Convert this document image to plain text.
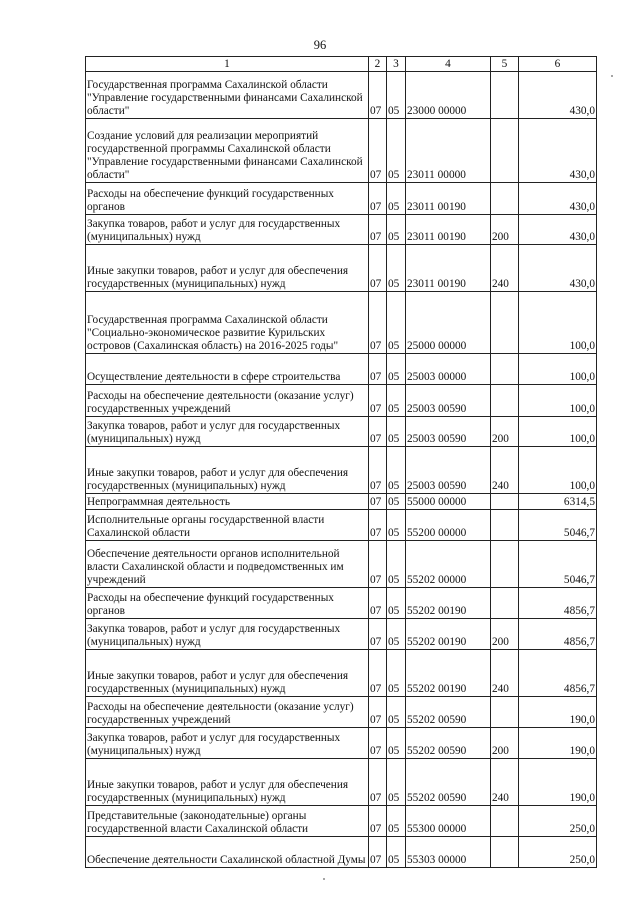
96
1	2	3	4	5	6
Государственная программа Сахалинской области "Управление государственными финансами Сахалинской области"	07	05	23000 00000		430,0
Создание условий для реализации мероприятий государственной программы Сахалинской области "Управление государственными финансами Сахалинской области"	07	05	23011 00000		430,0
Расходы на обеспечение функций государственных органов	07	05	23011 00190		430,0
Закупка товаров, работ и услуг для государственных (муниципальных) нужд	07	05	23011 00190	200	430,0
Иные закупки товаров, работ и услуг для обеспечения государственных (муниципальных) нужд	07	05	23011 00190	240	430,0
Государственная программа Сахалинской области "Социально-экономическое развитие Курильских островов (Сахалинская область) на 2016-2025 годы"	07	05	25000 00000		100,0
Осуществление деятельности в сфере строительства	07	05	25003 00000		100,0
Расходы на обеспечение деятельности (оказание услуг) государственных учреждений	07	05	25003 00590		100,0
Закупка товаров, работ и услуг для государственных (муниципальных) нужд	07	05	25003 00590	200	100,0
Иные закупки товаров, работ и услуг для обеспечения государственных (муниципальных) нужд	07	05	25003 00590	240	100,0
Непрограммная деятельность	07	05	55000 00000		6314,5
Исполнительные органы государственной власти Сахалинской области	07	05	55200 00000		5046,7
Обеспечение деятельности органов исполнительной власти Сахалинской области и подведомственных им учреждений	07	05	55202 00000		5046,7
Расходы на обеспечение функций государственных органов	07	05	55202 00190		4856,7
Закупка товаров, работ и услуг для государственных (муниципальных) нужд	07	05	55202 00190	200	4856,7
Иные закупки товаров, работ и услуг для обеспечения государственных (муниципальных) нужд	07	05	55202 00190	240	4856,7
Расходы на обеспечение деятельности (оказание услуг) государственных учреждений	07	05	55202 00590		190,0
Закупка товаров, работ и услуг для государственных (муниципальных) нужд	07	05	55202 00590	200	190,0
Иные закупки товаров, работ и услуг для обеспечения государственных (муниципальных) нужд	07	05	55202 00590	240	190,0
Представительные (законодательные) органы государственной власти Сахалинской области	07	05	55300 00000		250,0
Обеспечение деятельности Сахалинской областной Думы	07	05	55303 00000		250,0
